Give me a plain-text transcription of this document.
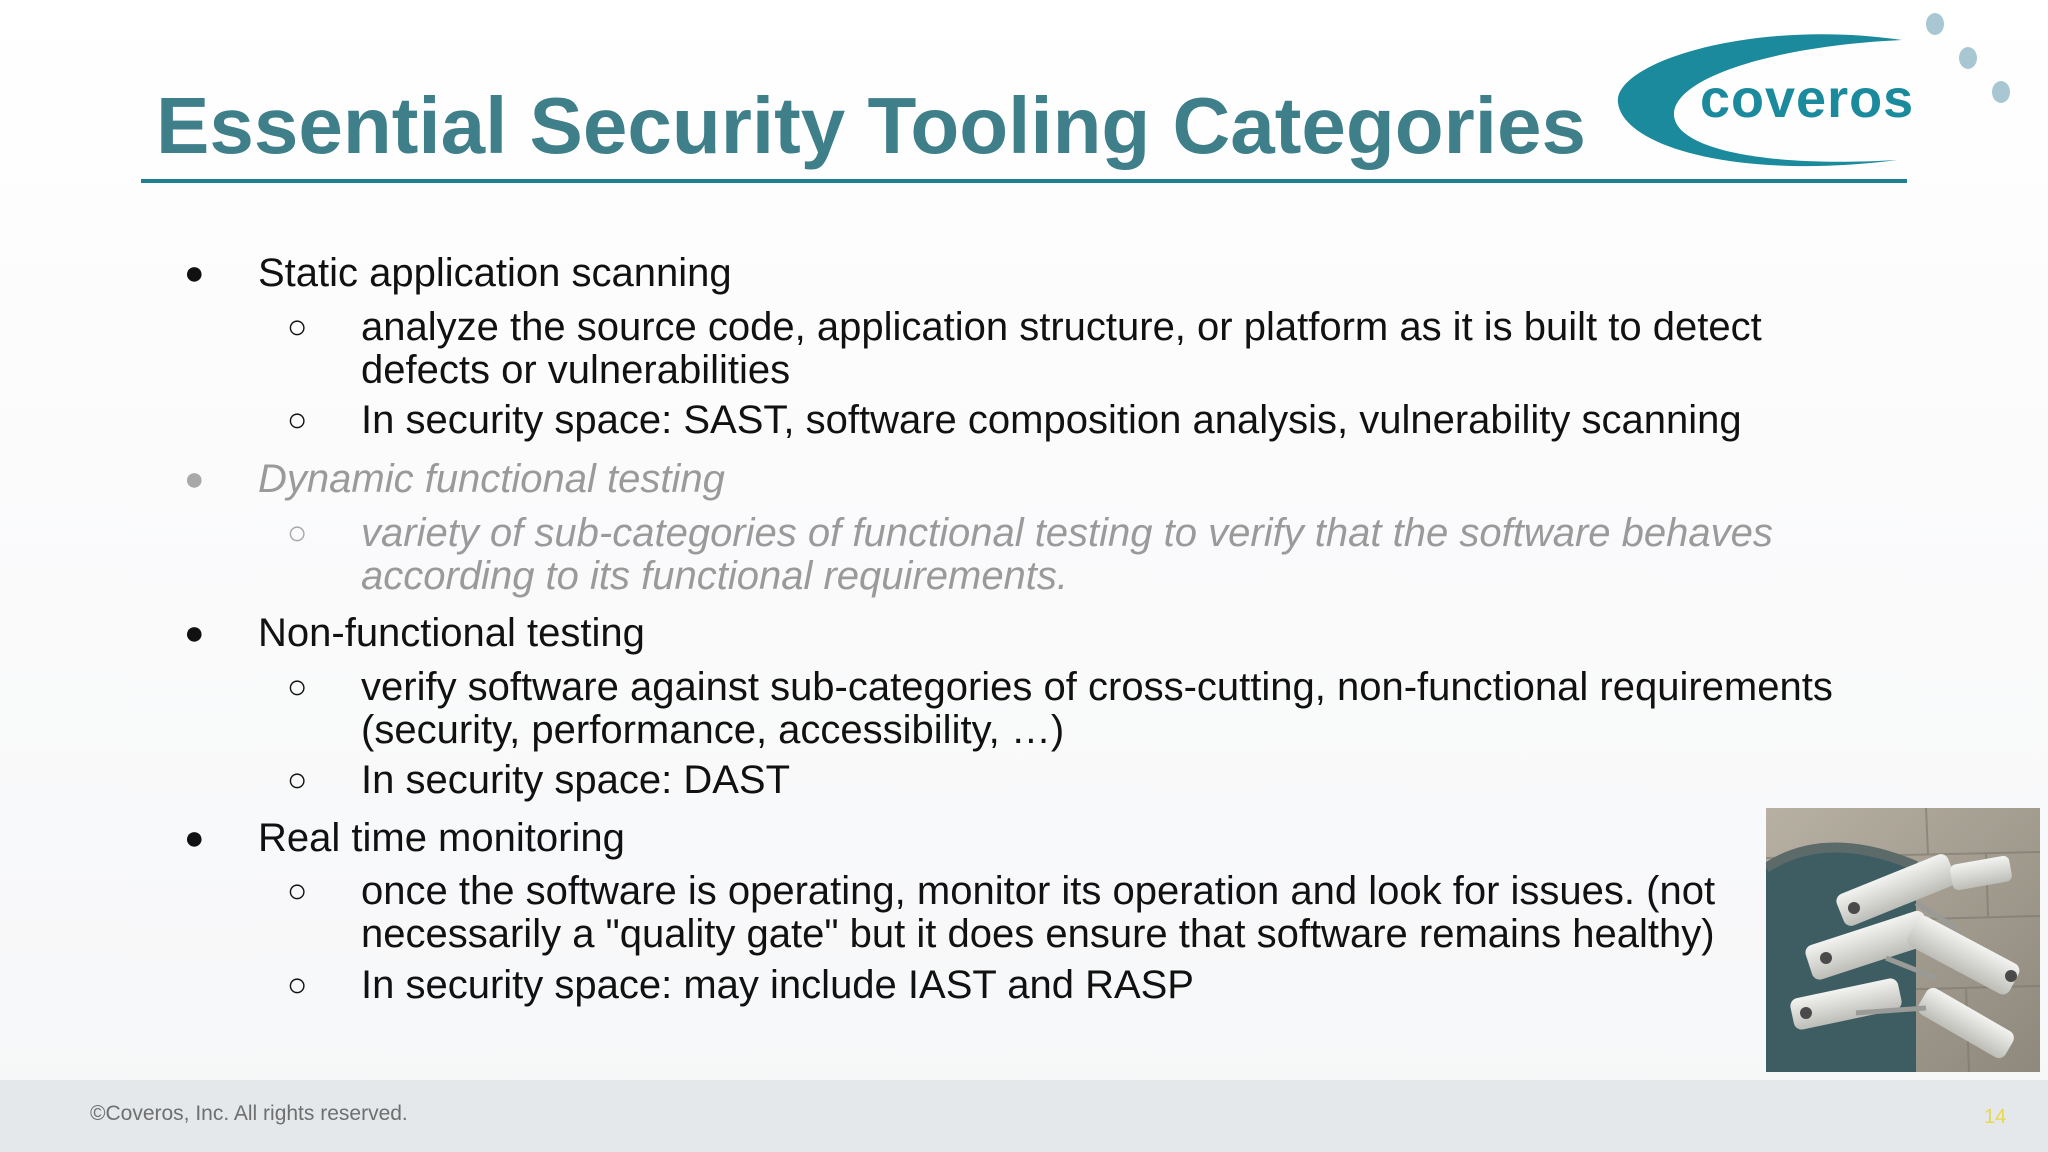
Essential Security Tooling Categories coveros
● Static application scanning
○ analyze the source code, application structure, or platform as it is built to detect
defects or vulnerabilities
○ In security space: SAST, software composition analysis, vulnerability scanning
● Dynamic functional testing
○ variety of sub-categories of functional testing to verify that the software behaves
according to its functional requirements.
● Non-functional testing
○ verify software against sub-categories of cross-cutting, non-functional requirements
(security, performance, accessibility, …)
○ In security space: DAST
● Real time monitoring
○ once the software is operating, monitor its operation and look for issues. (not
necessarily a "quality gate" but it does ensure that software remains healthy)
○ In security space: may include IAST and RASP
©Coveros, Inc. All rights reserved.	14
